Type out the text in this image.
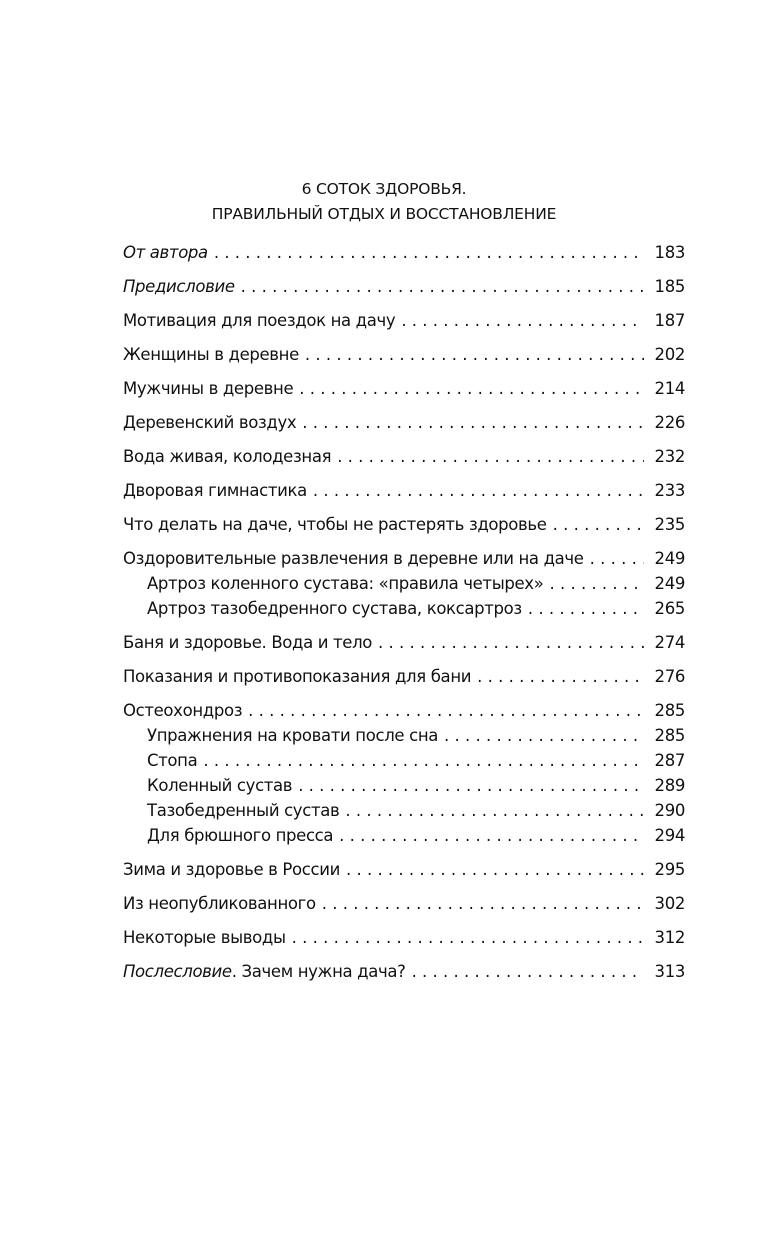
6 СОТОК ЗДОРОВЬЯ.
ПРАВИЛЬНЫЙ ОТДЫХ И ВОССТАНОВЛЕНИЕ
От автора . . .	183
Предисловие . . .	185
Мотивация для поездок на дачу . . .	187
Женщины в деревне . . .	202
Мужчины в деревне . . .	214
Деревенский воздух . . .	226
Вода живая, колодезная . . .	232
Дворовая гимнастика . . .	233
Что делать на даче, чтобы не растерять здоровье . . .	235
Оздоровительные развлечения в деревне или на даче . . .	249
Артроз коленного сустава: «правила четырех» . . .	249
Артроз тазобедренного сустава, коксартроз . . .	265
Баня и здоровье. Вода и тело . . .	274
Показания и противопоказания для бани . . .	276
Остеохондроз . . .	285
Упражнения на кровати после сна . . .	285
Стопа . . .	287
Коленный сустав . . .	289
Тазобедренный сустав . . .	290
Для брюшного пресса . . .	294
Зима и здоровье в России . . .	295
Из неопубликованного . . .	302
Некоторые выводы . . .	312
Послесловие. Зачем нужна дача? . . .	313
